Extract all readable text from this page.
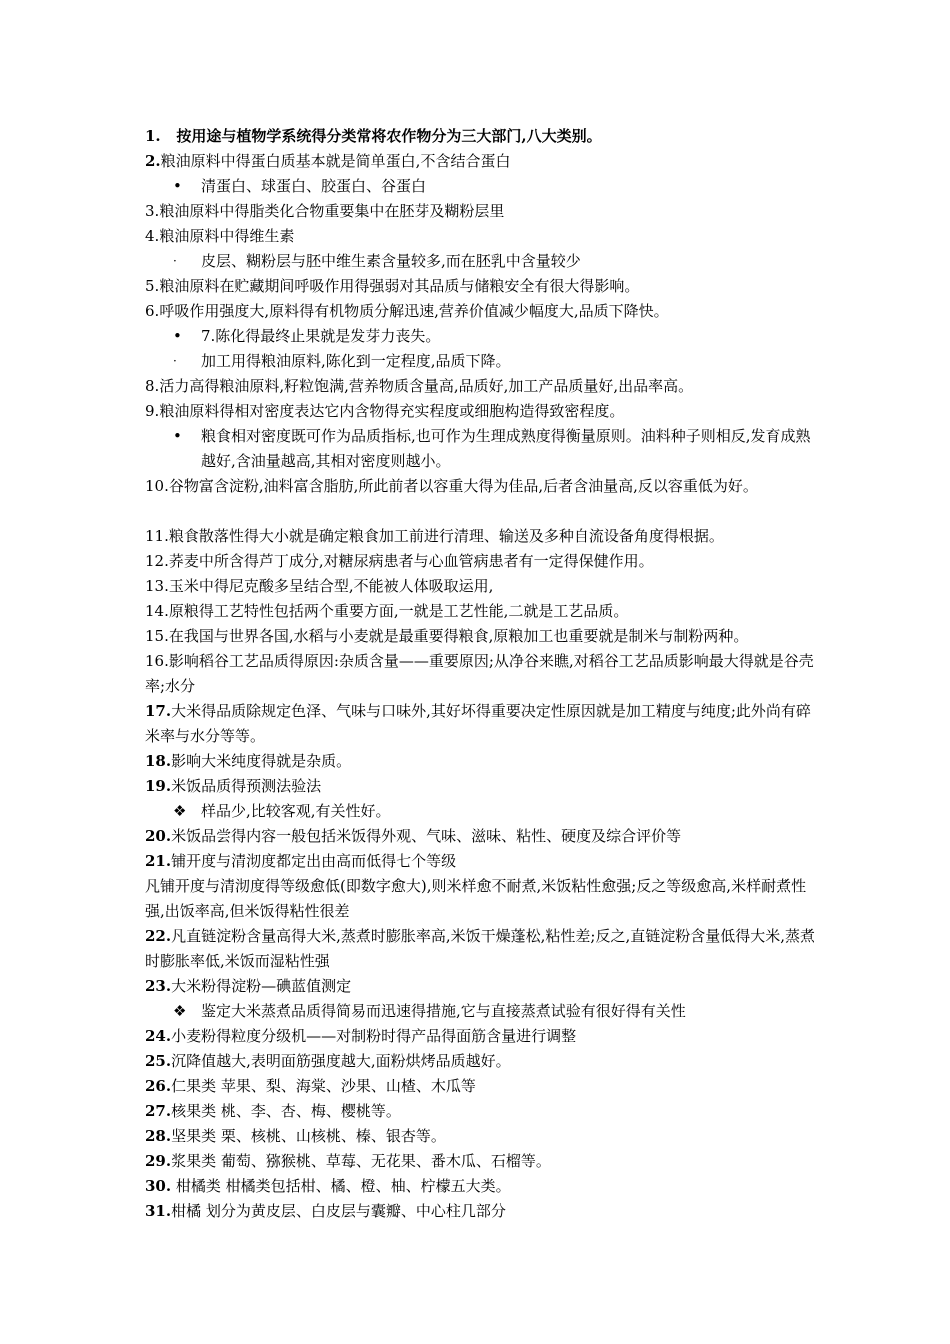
1. 按用途与植物学系统得分类常将农作物分为三大部门,八大类别。

2.粮油原料中得蛋白质基本就是简单蛋白,不含结合蛋白

• 清蛋白、球蛋白、胶蛋白、谷蛋白

3.粮油原料中得脂类化合物重要集中在胚芽及糊粉层里

4.粮油原料中得维生素

· 皮层、糊粉层与胚中维生素含量较多,而在胚乳中含量较少

5.粮油原料在贮藏期间呼吸作用得强弱对其品质与储粮安全有很大得影响。

6.呼吸作用强度大,原料得有机物质分解迅速,营养价值减少幅度大,品质下降快。

• 7.陈化得最终止果就是发芽力丧失。

· 加工用得粮油原料,陈化到一定程度,品质下降。

8.活力高得粮油原料,籽粒饱满,营养物质含量高,品质好,加工产品质量好,出品率高。

9.粮油原料得相对密度表达它内含物得充实程度或细胞构造得致密程度。

• 粮食相对密度既可作为品质指标,也可作为生理成熟度得衡量原则。油料种子则相反,发育成熟越好,含油量越高,其相对密度则越小。

10.谷物富含淀粉,油料富含脂肪,所此前者以容重大得为佳品,后者含油量高,反以容重低为好。

11.粮食散落性得大小就是确定粮食加工前进行清理、输送及多种自流设备角度得根据。

12.荞麦中所含得芦丁成分,对糖尿病患者与心血管病患者有一定得保健作用。

13.玉米中得尼克酸多呈结合型,不能被人体吸取运用,

14.原粮得工艺特性包括两个重要方面,一就是工艺性能,二就是工艺品质。

15.在我国与世界各国,水稻与小麦就是最重要得粮食,原粮加工也重要就是制米与制粉两种。

16.影响稻谷工艺品质得原因:杂质含量——重要原因;从净谷来瞧,对稻谷工艺品质影响最大得就是谷壳率;水分

17.大米得品质除规定色泽、气味与口味外,其好坏得重要决定性原因就是加工精度与纯度;此外尚有碎米率与水分等等。

18.影响大米纯度得就是杂质。

19.米饭品质得预测法验法

❖ 样品少,比较客观,有关性好。

20.米饭品尝得内容一般包括米饭得外观、气味、滋味、粘性、硬度及综合评价等

21.铺开度与清沏度都定出由高而低得七个等级

凡铺开度与清沏度得等级愈低(即数字愈大),则米样愈不耐煮,米饭粘性愈强;反之等级愈高,米样耐煮性强,出饭率高,但米饭得粘性很差

22.凡直链淀粉含量高得大米,蒸煮时膨胀率高,米饭干燥蓬松,粘性差;反之,直链淀粉含量低得大米,蒸煮时膨胀率低,米饭而湿粘性强

23.大米粉得淀粉—碘蓝值测定

❖ 鉴定大米蒸煮品质得简易而迅速得措施,它与直接蒸煮试验有很好得有关性

24.小麦粉得粒度分级机——对制粉时得产品得面筋含量进行调整

25.沉降值越大,表明面筋强度越大,面粉烘烤品质越好。

26.仁果类 苹果、梨、海棠、沙果、山楂、木瓜等

27.核果类 桃、李、杏、梅、樱桃等。

28.坚果类 栗、核桃、山核桃、榛、银杏等。

29.浆果类 葡萄、猕猴桃、草莓、无花果、番木瓜、石榴等。

30. 柑橘类 柑橘类包括柑、橘、橙、柚、柠檬五大类。

31.柑橘 划分为黄皮层、白皮层与囊瓣、中心柱几部分
